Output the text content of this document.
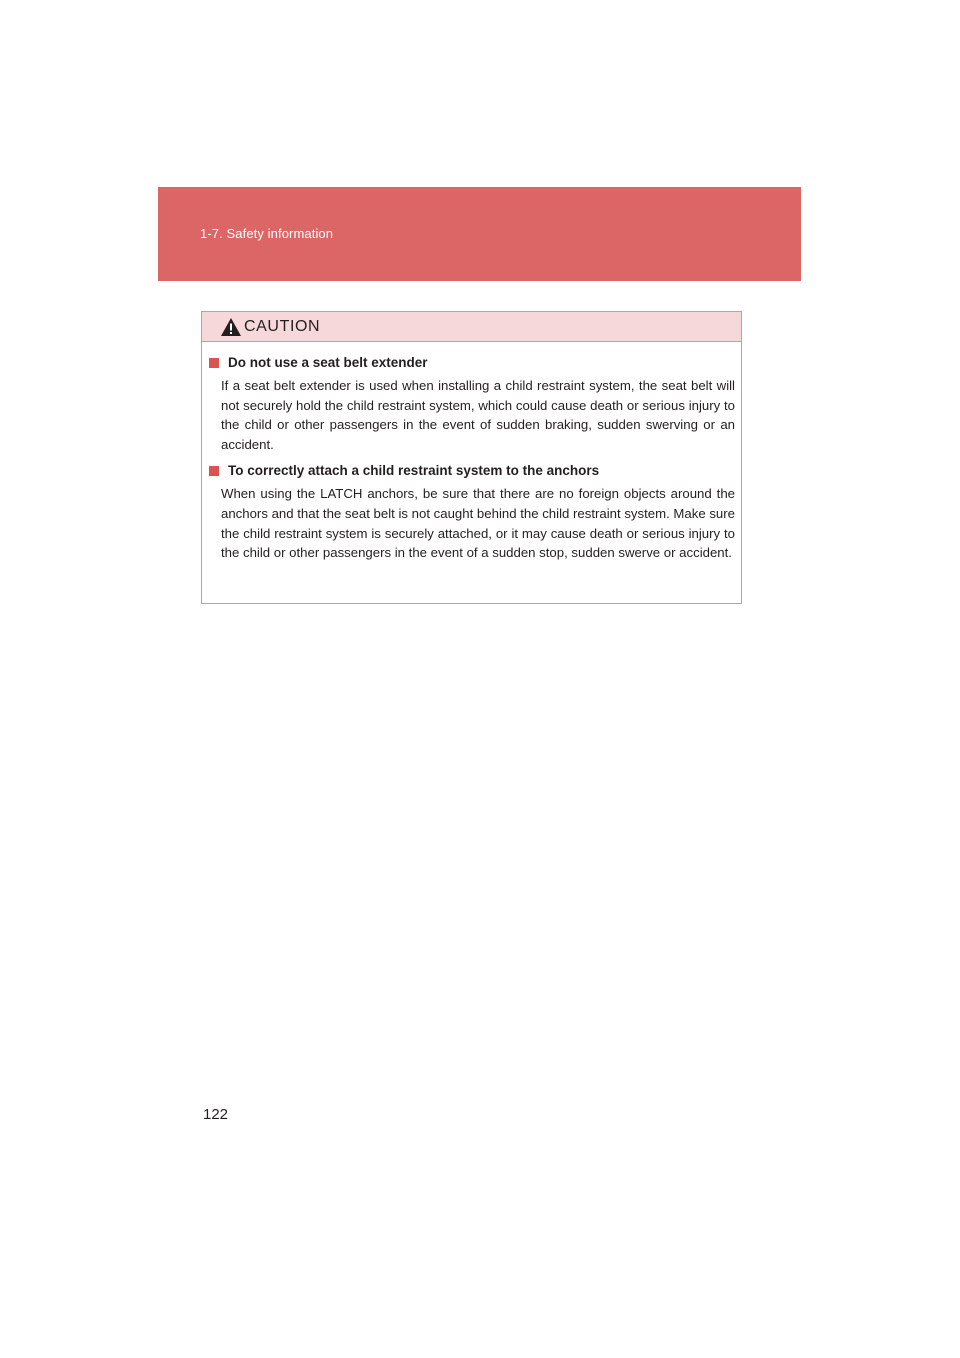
1-7. Safety information
CAUTION
Do not use a seat belt extender
If a seat belt extender is used when installing a child restraint system, the seat belt will not securely hold the child restraint system, which could cause death or serious injury to the child or other passengers in the event of sudden braking, sudden swerving or an accident.
To correctly attach a child restraint system to the anchors
When using the LATCH anchors, be sure that there are no foreign objects around the anchors and that the seat belt is not caught behind the child restraint system. Make sure the child restraint system is securely attached, or it may cause death or serious injury to the child or other passengers in the event of a sudden stop, sudden swerve or accident.
122
